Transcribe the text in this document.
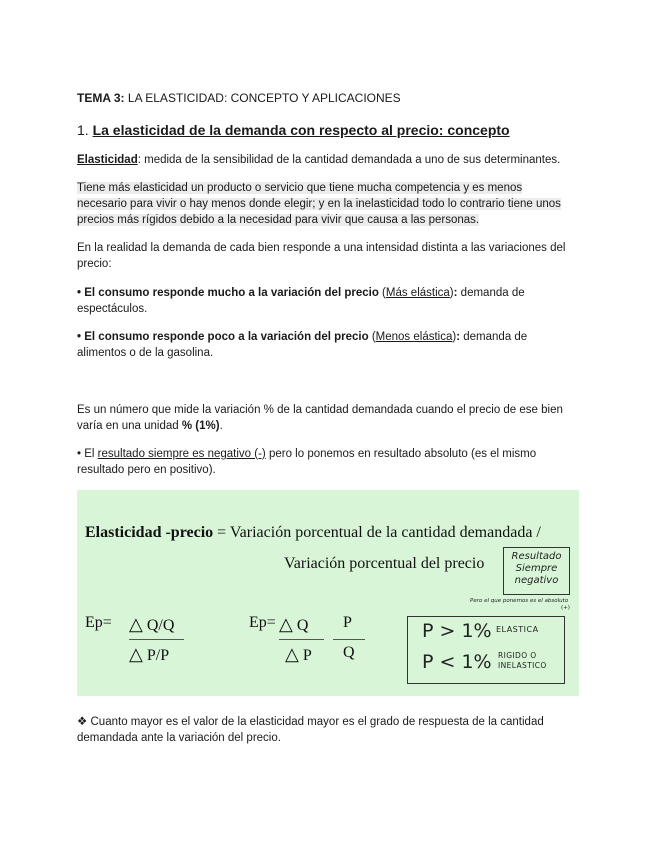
TEMA 3: LA ELASTICIDAD: CONCEPTO Y APLICACIONES
1. La elasticidad de la demanda con respecto al precio: concepto
Elasticidad: medida de la sensibilidad de la cantidad demandada a uno de sus determinantes.
Tiene más elasticidad un producto o servicio que tiene mucha competencia y es menos
necesario para vivir o hay menos donde elegir; y en la inelasticidad todo lo contrario tiene unos
precios más rígidos debido a la necesidad para vivir que causa a las personas.
En la realidad la demanda de cada bien responde a una intensidad distinta a las variaciones del
precio:
• El consumo responde mucho a la variación del precio (Más elástica): demanda de
espectáculos.
• El consumo responde poco a la variación del precio (Menos elástica): demanda de
alimentos o de la gasolina.
Es un número que mide la variación % de la cantidad demandada cuando el precio de ese bien
varía en una unidad % (1%).
• El resultado siempre es negativo (-) pero lo ponemos en resultado absoluto (es el mismo
resultado pero en positivo).
Elasticidad -precio = Variación porcentual de la cantidad demandada /
Variación porcentual del precio	Resultado
Siempre
negativo
Pero el que ponemos es el absoluto
(+)
Ep= △ Q/Q
△ P/P
Ep= △ Q
△ P
P
Q
P > 1% ELASTICA
P < 1% RIGIDO O
INELASTICO
❖ Cuanto mayor es el valor de la elasticidad mayor es el grado de respuesta de la cantidad
demandada ante la variación del precio.
